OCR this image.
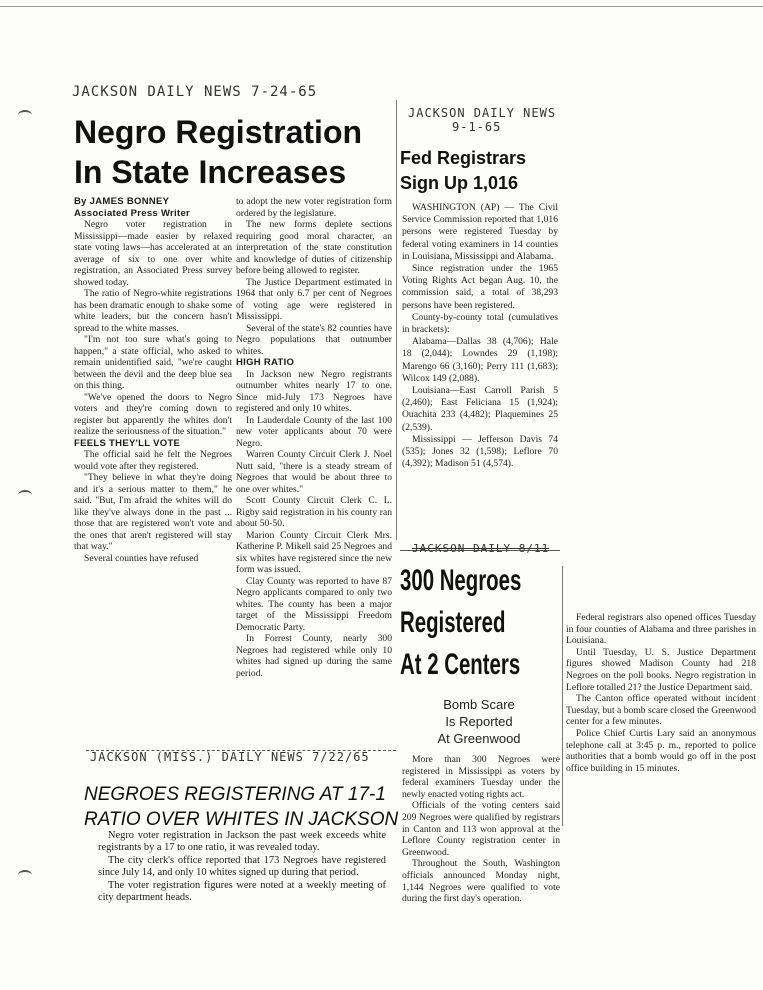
JACKSON DAILY NEWS 7-24-65
Negro Registration
In State Increases

By JAMES BONNEY

Associated Press Writer

Negro voter registration in Mississippi—made easier by relaxed state voting laws—has accelerated at an average of six to one over white registration, an Associated Press survey showed today.

The ratio of Negro-white registrations has been dramatic enough to shake some white leaders, but the concern hasn't spread to the white masses.

"I'm not too sure what's going to happen," a state official, who asked to remain unidentified said, "we're caught between the devil and the deep blue sea on this thing.

"We've opened the doors to Negro voters and they're coming down to register but apparently the whites don't realize the seriousness of the situation."

FEELS THEY'LL VOTE

The official said he felt the Negroes would vote after they registered.

"They believe in what they're doing and it's a serious matter to them," he said. "But, I'm afraid the whites will do like they've always done in the past ... those that are registered won't vote and the ones that aren't registered will stay that way."

Several counties have refused

to adopt the new voter registration form ordered by the legislature.

The new forms deplete sections requiring good moral character, an interpretation of the state constitution and knowledge of duties of citizenship before being allowed to register.

The Justice Department estimated in 1964 that only 6.7 per cent of Negroes of voting age were registered in Mississippi.

Several of the state's 82 counties have Negro populations that outnumber whites.

HIGH RATIO

In Jackson new Negro registrants outnumber whites nearly 17 to one. Since mid-July 173 Negroes have registered and only 10 whites.

In Lauderdale County of the last 100 new voter applicants about 70 were Negro.

Warren County Circuit Clerk J. Noel Nutt said, "there is a steady stream of Negroes that would be about three to one over whites."

Scott County Circuit Clerk C. L. Rigby said registration in his county ran about 50-50.

Marion County Circuit Clerk Mrs. Katherine P. Mikell said 25 Negroes and six whites have registered since the new form was issued.

Clay County was reported to have 87 Negro applicants compared to only two whites. The county has been a major target of the Mississippi Freedom Democratic Party.

In Forrest County, nearly 300 Negroes had registered while only 10 whites had signed up during the same period.

JACKSON DAILY NEWS
9-1-65
Fed Registrars
Sign Up 1,016

WASHINGTON (AP) — The Civil Service Commission reported that 1,016 persons were registered Tuesday by federal voting examiners in 14 counties in Louisiana, Mississippi and Alabama.

Since registration under the 1965 Voting Rights Act began Aug. 10, the commission said, a total of 38,293 persons have been registered.

County-by-county total (cumulatives in brackets):

Alabama—Dallas 38 (4,706); Hale 18 (2,044); Lowndes 29 (1,198); Marengo 66 (3,160); Perry 111 (1,683); Wilcox 149 (2,088).

Louisiana—East Carroll Parish 5 (2,460); East Feliciana 15 (1,924); Ouachita 233 (4,482); Plaquemines 25 (2,539).

Mississippi — Jefferson Davis 74 (535); Jones 32 (1,598); Leflore 70 (4,392); Madison 51 (4,574).

JACKSON DAILY 8/11
300 Negroes
Registered
At 2 Centers
Bomb Scare
Is Reported
At Greenwood

More than 300 Negroes were registered in Mississippi as voters by federal examiners Tuesday under the newly enacted voting rights act.

Officials of the voting centers said 209 Negroes were qualified by registrars in Canton and 113 won approval at the Leflore County registration center in Greenwood.

Throughout the South, Washington officials announced Monday night, 1,144 Negroes were qualified to vote during the first day's operation.

Federal registrars also opened offices Tuesday in four counties of Alabama and three parishes in Louisiana.

Until Tuesday, U. S. Justice Department figures showed Madison County had 218 Negroes on the poll books. Negro registration in Leflore totalled 21? the Justice Department said.

The Canton office operated without incident Tuesday, but a bomb scare closed the Greenwood center for a few minutes.

Police Chief Curtis Lary said an anonymous telephone call at 3:45 p. m., reported to police authorities that a bomb would go off in the post office building in 15 minutes.

JACKSON (MISS.) DAILY NEWS 7/22/65
NEGROES REGISTERING AT 17-1
RATIO OVER WHITES IN JACKSON

Negro voter registration in Jackson the past week exceeds white registrants by a 17 to one ratio, it was revealed today.

The city clerk's office reported that 173 Negroes have registered since July 14, and only 10 whites signed up during that period.

The voter registration figures were noted at a weekly meeting of city department heads.
